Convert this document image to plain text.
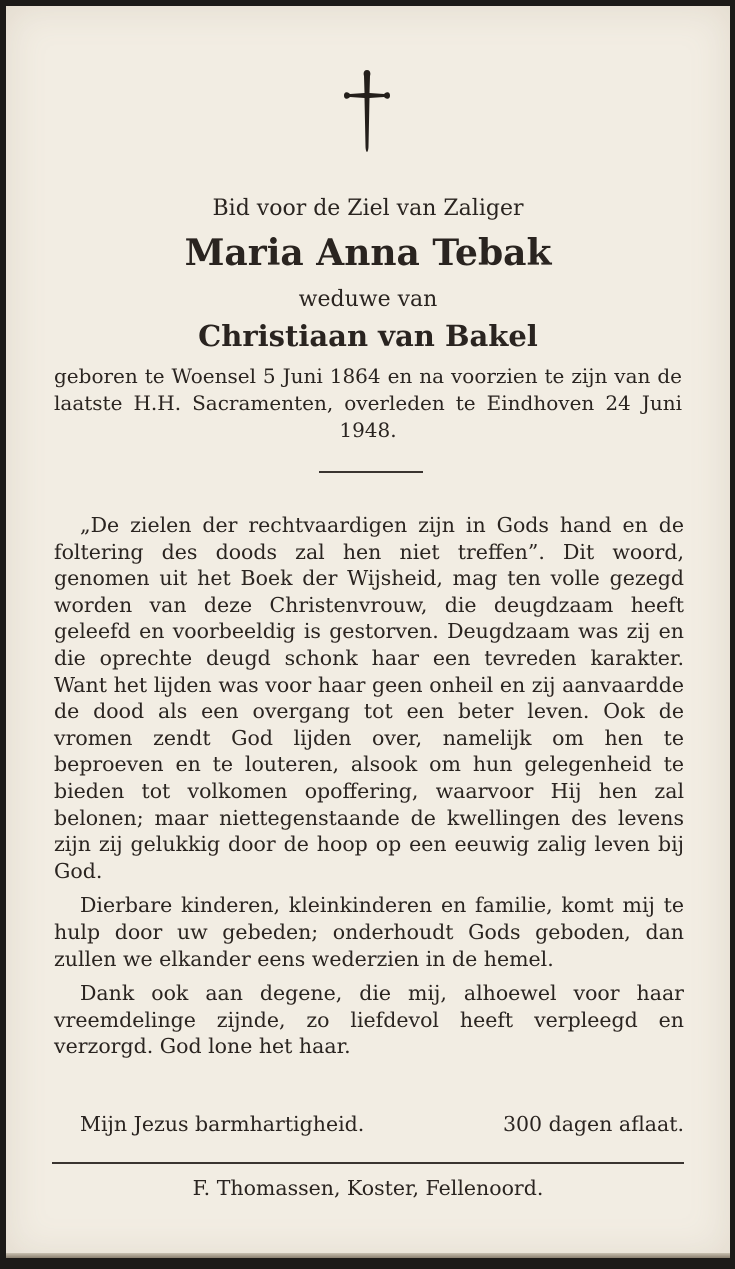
Bid voor de Ziel van Zaliger

Maria Anna Tebak

weduwe van

Christiaan van Bakel

geboren te Woensel 5 Juni 1864 en na voorzien te zijn van de laatste H.H. Sacramenten, overleden te Eindhoven 24 Juni 1948.

„De zielen der rechtvaardigen zijn in Gods hand en de foltering des doods zal hen niet treffen”. Dit woord, genomen uit het Boek der Wijsheid, mag ten volle gezegd worden van deze Christenvrouw, die deugdzaam heeft geleefd en voorbeeldig is gestorven. Deugdzaam was zij en die oprechte deugd schonk haar een tevreden karakter. Want het lijden was voor haar geen onheil en zij aanvaardde de dood als een overgang tot een beter leven. Ook de vromen zendt God lijden over, namelijk om hen te beproeven en te louteren, alsook om hun gelegenheid te bieden tot volkomen opoffering, waarvoor Hij hen zal belonen; maar niettegenstaande de kwellingen des levens zijn zij gelukkig door de hoop op een eeuwig zalig leven bij God.

Dierbare kinderen, kleinkinderen en familie, komt mij te hulp door uw gebeden; onderhoudt Gods geboden, dan zullen we elkander eens wederzien in de hemel.

Dank ook aan degene, die mij, alhoewel voor haar vreemdelinge zijnde, zo liefdevol heeft verpleegd en verzorgd. God lone het haar.

Mijn Jezus barmhartigheid.	300 dagen aflaat.

F. Thomassen, Koster, Fellenoord.
